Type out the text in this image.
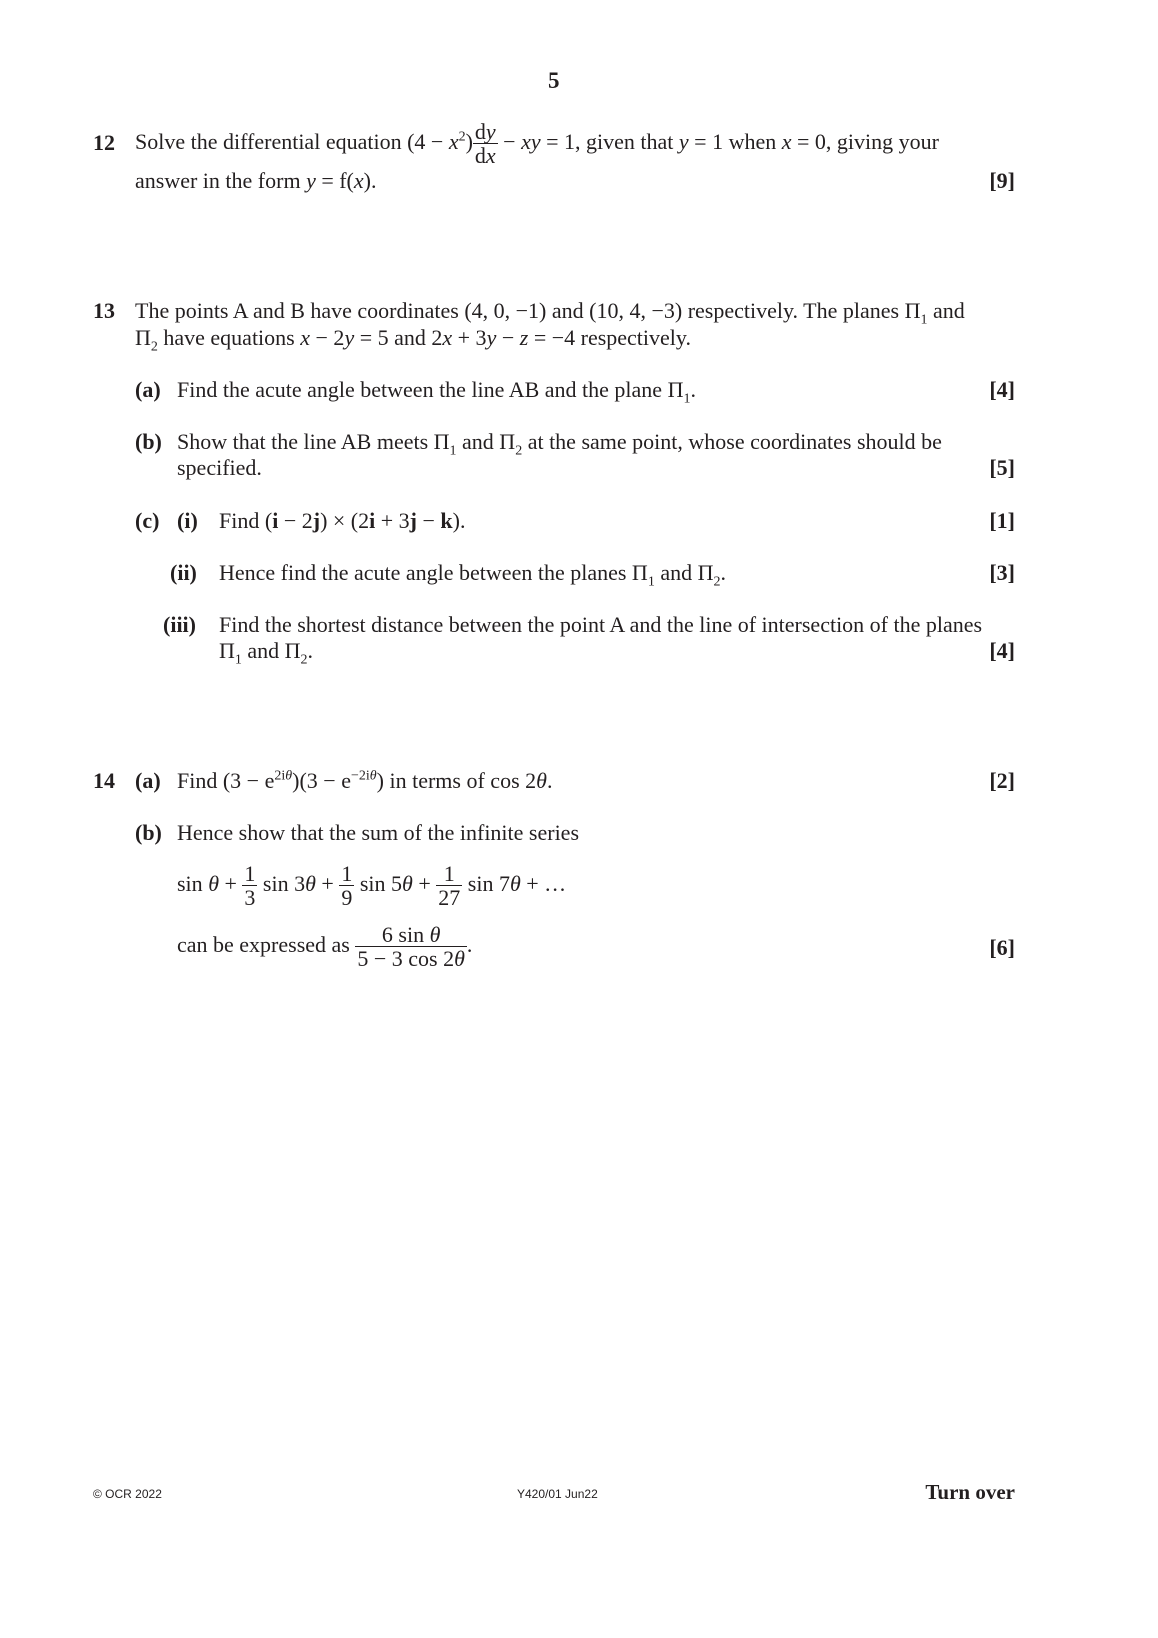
5
12 Solve the differential equation $(4 - x^2) \frac{dy}{dx}$ − xy = 1, given that y = 1 when x = 0, giving your
answer in the form y = f(x).	[9]
13 The points A and B have coordinates (4, 0, −1) and (10, 4, −3) respectively. The planes $\Pi_1$ and
$\Pi_2$ have equations x − 2y = 5 and 2x + 3y − z = −4 respectively.
(a) Find the acute angle between the line AB and the plane $\Pi_1$.	[4]
(b) Show that the line AB meets $\Pi_1$ and $\Pi_2$ at the same point, whose coordinates should be
specified.	[5]
(c) (i) Find (i − 2j) × (2i + 3j − k).	[1]
(ii) Hence find the acute angle between the planes $\Pi_1$ and $\Pi_2$.	[3]
(iii) Find the shortest distance between the point A and the line of intersection of the planes
$\Pi_1$ and $\Pi_2$.	[4]
14 (a) Find $(3 - e^{2i\theta})(3 - e^{-2i\theta})$ in terms of cos 2θ.	[2]
(b) Hence show that the sum of the infinite series
$\sin \theta + \frac{1}{3}$ $\sin 3\theta + \frac{1}{9}$ $\sin 5\theta + \frac{1}{27}$ sin 7θ + …
can be expressed as $\frac{\text{6 sin θ}}{5 - 3 \cos 2\theta}$ .	[6]
© OCR 2022	Y420/01 Jun22	Turn over
